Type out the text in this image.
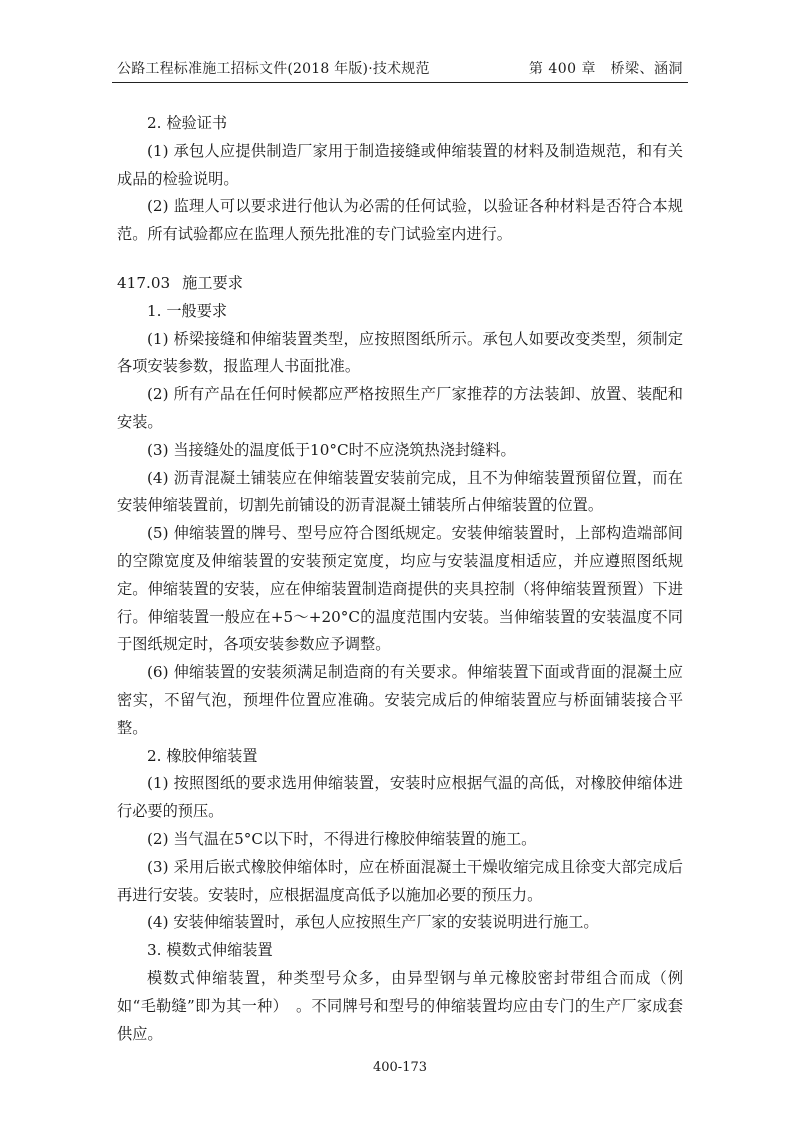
公路工程标准施工招标文件(2018 年版)·技术规范	第 400 章　桥梁、涵洞

2. 检验证书

(1) 承包人应提供制造厂家用于制造接缝或伸缩装置的材料及制造规范，和有关成品的检验说明。

(2) 监理人可以要求进行他认为必需的任何试验，以验证各种材料是否符合本规范。所有试验都应在监理人预先批准的专门试验室内进行。

417.03 施工要求

1. 一般要求

(1) 桥梁接缝和伸缩装置类型，应按照图纸所示。承包人如要改变类型，须制定各项安装参数，报监理人书面批准。

(2) 所有产品在任何时候都应严格按照生产厂家推荐的方法装卸、放置、装配和安装。

(3) 当接缝处的温度低于10°C时不应浇筑热浇封缝料。

(4) 沥青混凝土铺装应在伸缩装置安装前完成，且不为伸缩装置预留位置，而在安装伸缩装置前，切割先前铺设的沥青混凝土铺装所占伸缩装置的位置。

(5) 伸缩装置的牌号、型号应符合图纸规定。安装伸缩装置时，上部构造端部间的空隙宽度及伸缩装置的安装预定宽度，均应与安装温度相适应，并应遵照图纸规定。伸缩装置的安装，应在伸缩装置制造商提供的夹具控制（将伸缩装置预置）下进行。伸缩装置一般应在+5～+20°C的温度范围内安装。当伸缩装置的安装温度不同于图纸规定时，各项安装参数应予调整。

(6) 伸缩装置的安装须满足制造商的有关要求。伸缩装置下面或背面的混凝土应密实，不留气泡，预埋件位置应准确。安装完成后的伸缩装置应与桥面铺装接合平整。

2. 橡胶伸缩装置

(1) 按照图纸的要求选用伸缩装置，安装时应根据气温的高低，对橡胶伸缩体进行必要的预压。

(2) 当气温在5°C以下时，不得进行橡胶伸缩装置的施工。

(3) 采用后嵌式橡胶伸缩体时，应在桥面混凝土干燥收缩完成且徐变大部完成后再进行安装。安装时，应根据温度高低予以施加必要的预压力。

(4) 安装伸缩装置时，承包人应按照生产厂家的安装说明进行施工。

3. 模数式伸缩装置

模数式伸缩装置，种类型号众多，由异型钢与单元橡胶密封带组合而成（例如“毛勒缝”即为其一种）　。不同牌号和型号的伸缩装置均应由专门的生产厂家成套供应。

400-173
